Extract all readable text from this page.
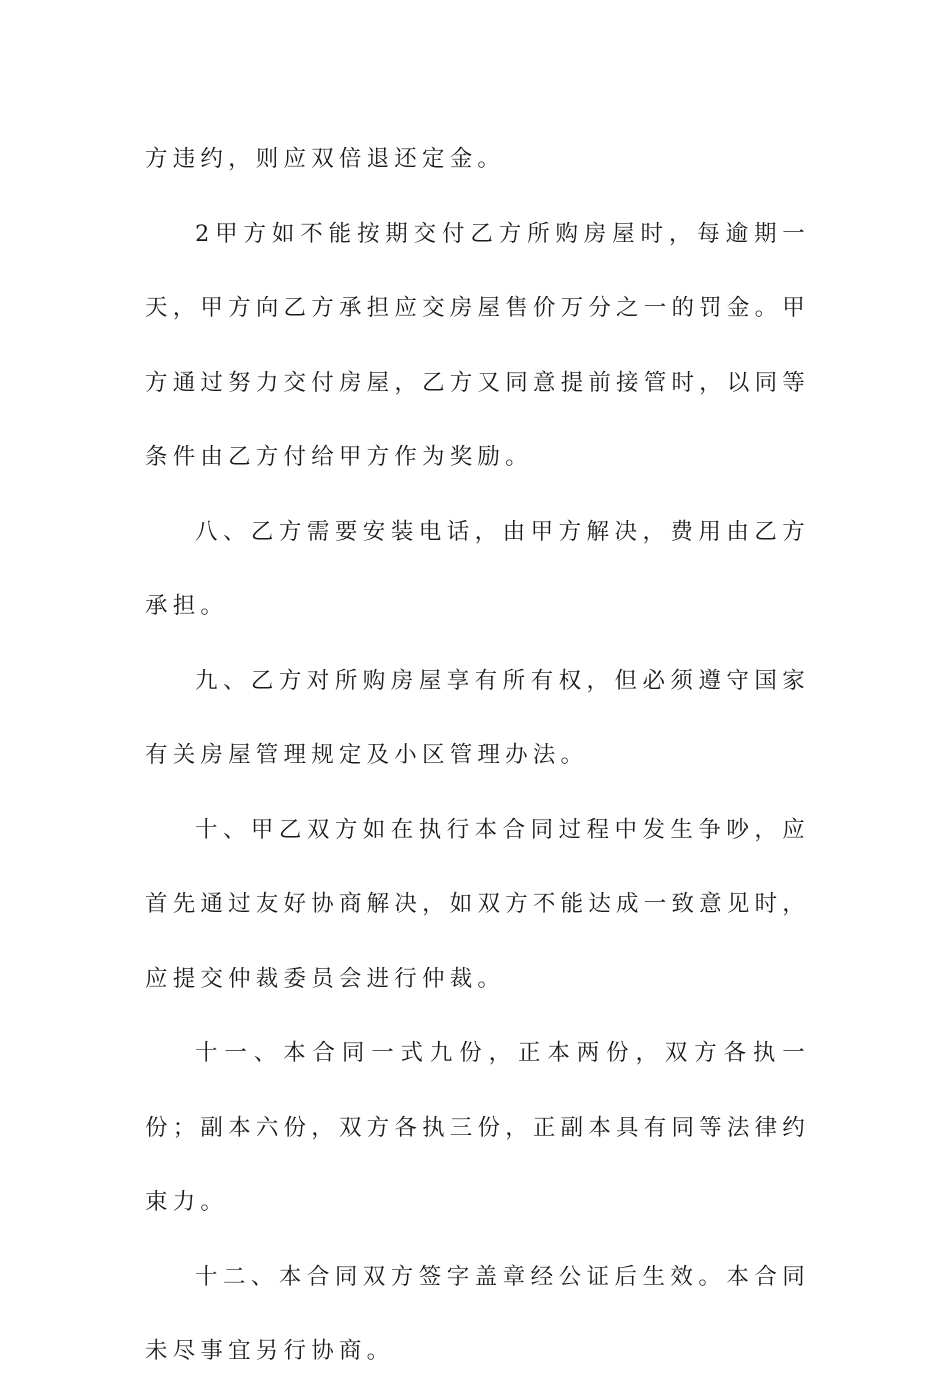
方违约，则应双倍退还定金。

2甲方如不能按期交付乙方所购房屋时，每逾期一天，甲方向乙方承担应交房屋售价万分之一的罚金。甲方通过努力交付房屋，乙方又同意提前接管时，以同等条件由乙方付给甲方作为奖励。

八、乙方需要安装电话，由甲方解决，费用由乙方承担。

九、乙方对所购房屋享有所有权，但必须遵守国家有关房屋管理规定及小区管理办法。

十、甲乙双方如在执行本合同过程中发生争吵，应首先通过友好协商解决，如双方不能达成一致意见时，应提交仲裁委员会进行仲裁。

十一、本合同一式九份，正本两份，双方各执一份；副本六份，双方各执三份，正副本具有同等法律约束力。

十二、本合同双方签字盖章经公证后生效。本合同未尽事宜另行协商。
